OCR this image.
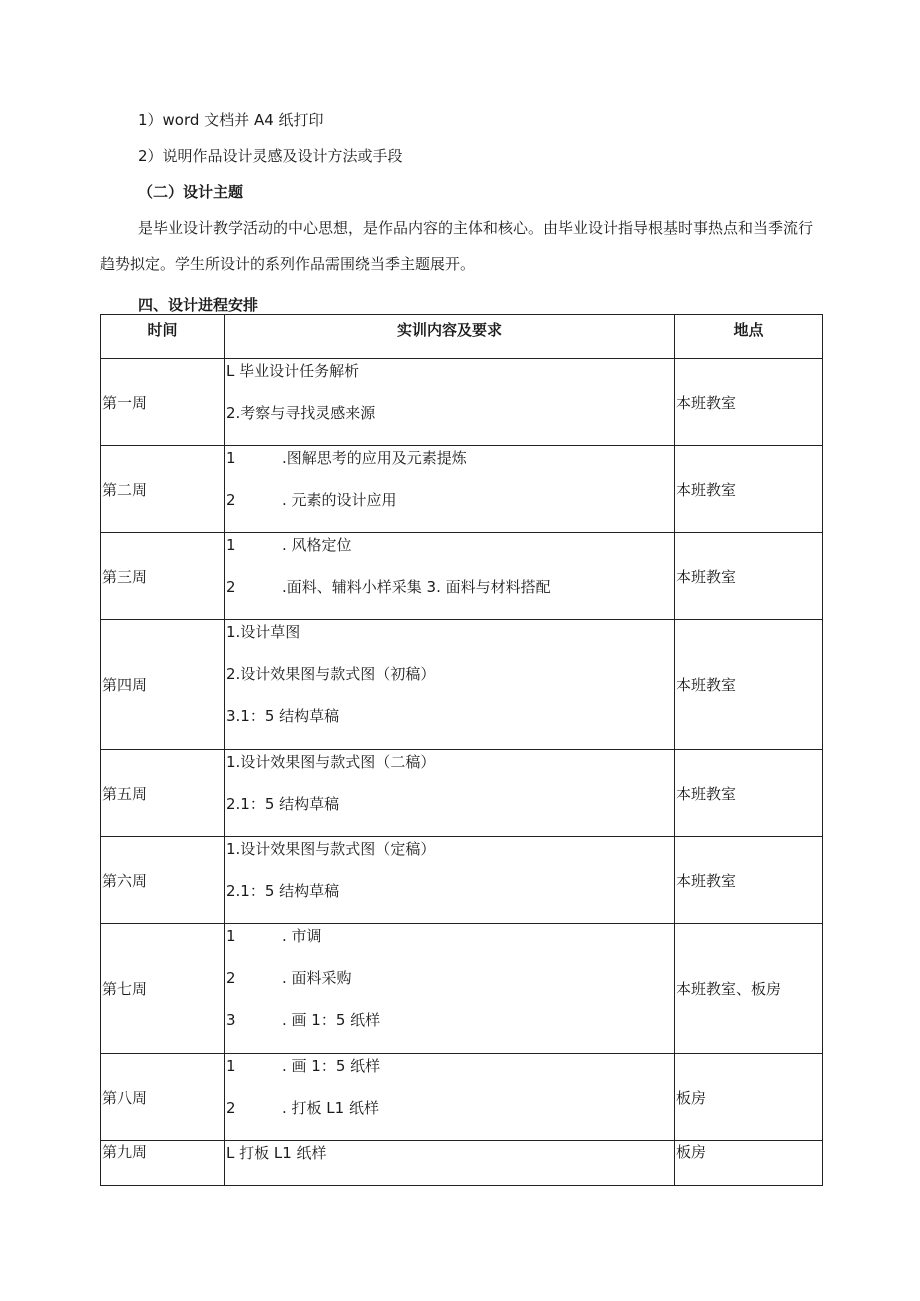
1）word 文档并 A4 纸打印
2）说明作品设计灵感及设计方法或手段
（二）设计主题
是毕业设计教学活动的中心思想，是作品内容的主体和核心。由毕业设计指导根基时事热点和当季流行趋势拟定。学生所设计的系列作品需围绕当季主题展开。
四、设计进程安排
时间	实训内容及要求	地点
第一周	L 毕业设计任务解析
2.考察与寻找灵感来源	本班教室
第二周	1 .图解思考的应用及元素提炼
2 . 元素的设计应用	本班教室
第三周	1 . 风格定位
2 .面料、辅料小样采集 3. 面料与材料搭配	本班教室
第四周	1.设计草图
2.设计效果图与款式图（初稿）
3.1：5 结构草稿	本班教室
第五周	1.设计效果图与款式图（二稿）
2.1：5 结构草稿	本班教室
第六周	1.设计效果图与款式图（定稿）
2.1：5 结构草稿	本班教室
第七周	1 . 市调
2 . 面料采购
3 . 画 1：5 纸样	本班教室、板房
第八周	1 . 画 1：5 纸样
2 . 打板 L1 纸样	板房
第九周	L 打板 L1 纸样	板房
